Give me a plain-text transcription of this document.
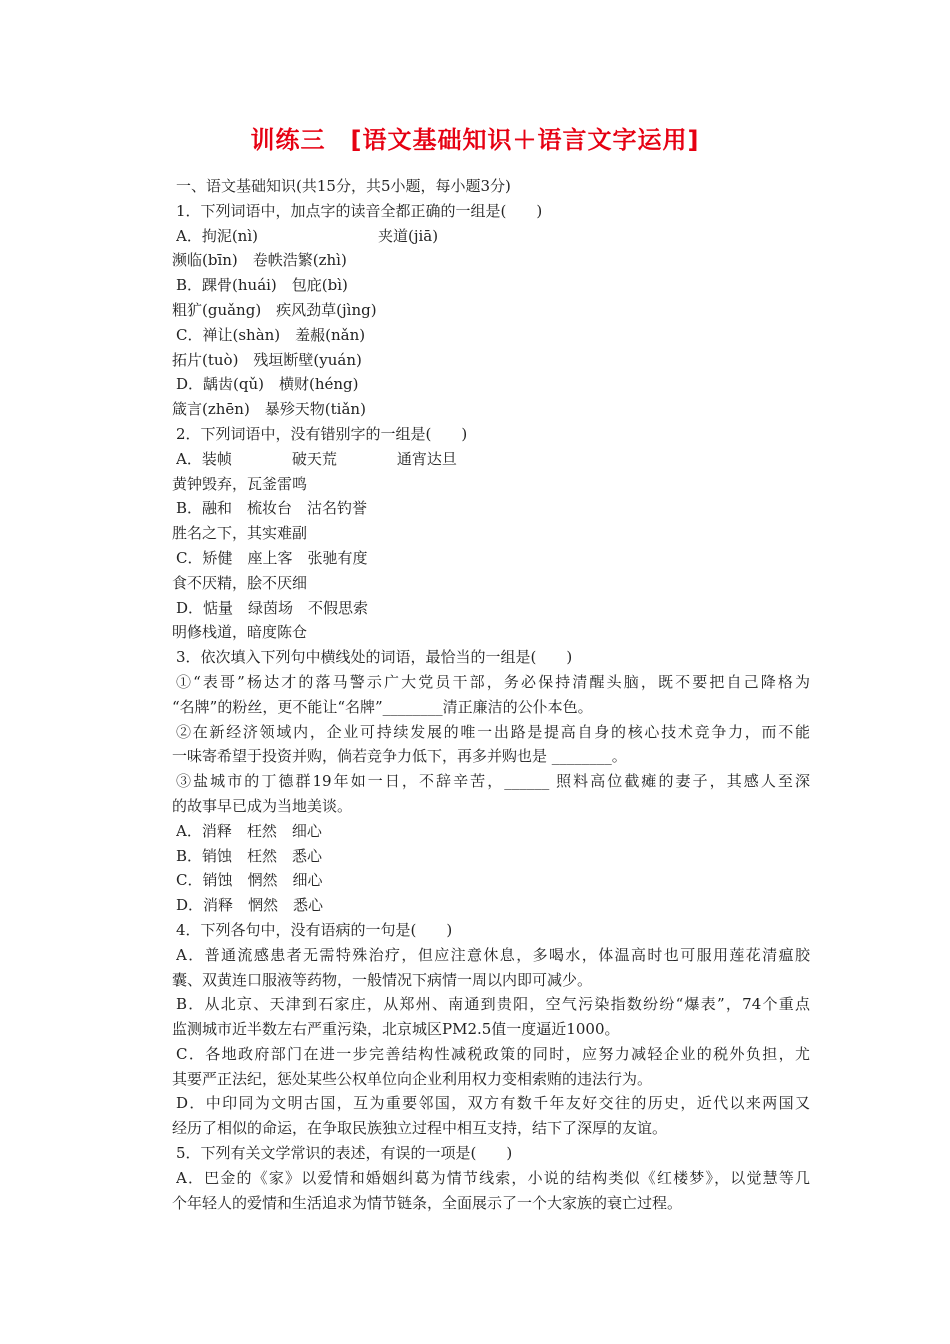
训练三　[语文基础知识＋语言文字运用]
一、语文基础知识(共15分，共5小题，每小题3分)
1．下列词语中，加点字的读音全都正确的一组是(　　)
A．拘泥(nì)　　　　　　　　夹道(jiā)
濒临(bīn)　卷帙浩繁(zhì)
B．踝骨(huái)　包庇(bì)
粗犷(guǎng)　疾风劲草(jìng)
C．禅让(shàn)　羞赧(nǎn)
拓片(tuò)　残垣断壁(yuán)
D．龋齿(qǔ)　横财(héng)
箴言(zhēn)　暴殄天物(tiǎn)
2．下列词语中，没有错别字的一组是(　　)
A．装帧　　　　破天荒　　　　通宵达旦
黄钟毁弃，瓦釜雷鸣
B．融和　梳妆台　沽名钓誉
胜名之下，其实难副
C．矫健　座上客　张驰有度
食不厌精，脍不厌细
D．惦量　绿茵场　不假思索
明修栈道，暗度陈仓
3．依次填入下列句中横线处的词语，最恰当的一组是(　　)
①“表哥”杨达才的落马警示广大党员干部，务必保持清醒头脑，既不要把自己降格为
“名牌”的粉丝，更不能让“名牌”________清正廉洁的公仆本色。
②在新经济领域内，企业可持续发展的唯一出路是提高自身的核心技术竞争力，而不能
一味寄希望于投资并购，倘若竞争力低下，再多并购也是 ________。
③盐城市的丁德群19年如一日，不辞辛苦，______ 照料高位截瘫的妻子，其感人至深
的故事早已成为当地美谈。
A．消释　枉然　细心
B．销蚀　枉然　悉心
C．销蚀　惘然　细心
D．消释　惘然　悉心
4．下列各句中，没有语病的一句是(　　)
A．普通流感患者无需特殊治疗，但应注意休息，多喝水，体温高时也可服用莲花清瘟胶
囊、双黄连口服液等药物，一般情况下病情一周以内即可减少。
B．从北京、天津到石家庄，从郑州、南通到贵阳，空气污染指数纷纷“爆表”，74个重点
监测城市近半数左右严重污染，北京城区PM2.5值一度逼近1000。
C．各地政府部门在进一步完善结构性减税政策的同时，应努力减轻企业的税外负担，尤
其要严正法纪，惩处某些公权单位向企业利用权力变相索贿的违法行为。
D．中印同为文明古国，互为重要邻国，双方有数千年友好交往的历史，近代以来两国又
经历了相似的命运，在争取民族独立过程中相互支持，结下了深厚的友谊。
5．下列有关文学常识的表述，有误的一项是(　　)
A．巴金的《家》以爱情和婚姻纠葛为情节线索，小说的结构类似《红楼梦》，以觉慧等几
个年轻人的爱情和生活追求为情节链条，全面展示了一个大家族的衰亡过程。
